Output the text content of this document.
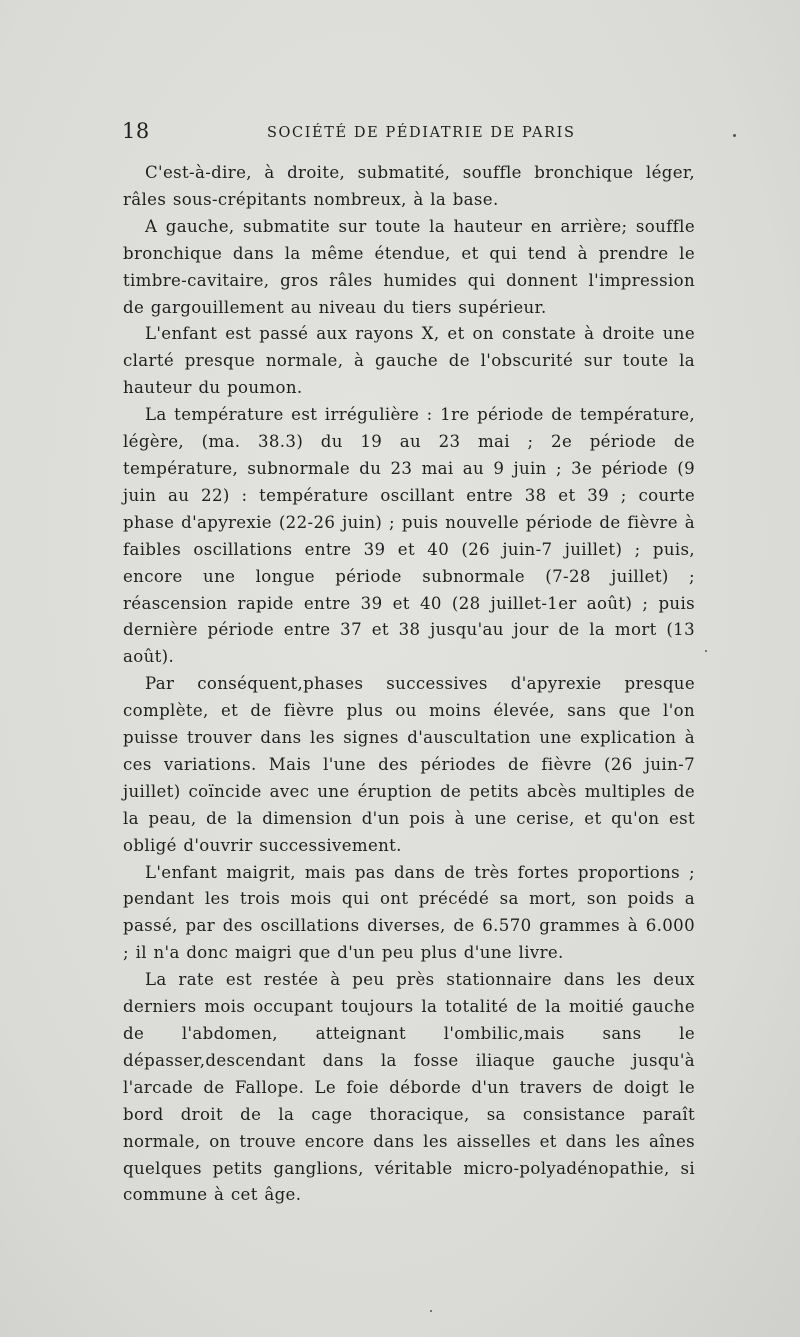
18	SOCIÉTÉ DE PÉDIATRIE DE PARIS

C'est-à-dire, à droite, submatité, souffle bronchique léger, râles sous-crépitants nombreux, à la base.

A gauche, submatite sur toute la hauteur en arrière; souffle bronchique dans la même étendue, et qui tend à prendre le timbre-cavitaire, gros râles humides qui donnent l'impression de gargouillement au niveau du tiers supérieur.

L'enfant est passé aux rayons X, et on constate à droite une clarté presque normale, à gauche de l'obscurité sur toute la hauteur du poumon.

La température est irrégulière : 1re période de température, légère, (ma. 38.3) du 19 au 23 mai ; 2e période de température, subnormale du 23 mai au 9 juin ; 3e période (9 juin au 22) : température oscillant entre 38 et 39 ; courte phase d'apyrexie (22-26 juin) ; puis nouvelle période de fièvre à faibles oscillations entre 39 et 40 (26 juin-7 juillet) ; puis, encore une longue période subnormale (7-28 juillet) ; réascension rapide entre 39 et 40 (28 juillet-1er août) ; puis dernière période entre 37 et 38 jusqu'au jour de la mort (13 août).

Par conséquent,phases successives d'apyrexie presque complète, et de fièvre plus ou moins élevée, sans que l'on puisse trouver dans les signes d'auscultation une explication à ces variations. Mais l'une des périodes de fièvre (26 juin-7 juillet) coïncide avec une éruption de petits abcès multiples de la peau, de la dimension d'un pois à une cerise, et qu'on est obligé d'ouvrir successivement.

L'enfant maigrit, mais pas dans de très fortes proportions ; pendant les trois mois qui ont précédé sa mort, son poids a passé, par des oscillations diverses, de 6.570 grammes à 6.000 ; il n'a donc maigri que d'un peu plus d'une livre.

La rate est restée à peu près stationnaire dans les deux derniers mois occupant toujours la totalité de la moitié gauche de l'abdomen, atteignant l'ombilic,mais sans le dépasser,descendant dans la fosse iliaque gauche jusqu'à l'arcade de Fallope. Le foie déborde d'un travers de doigt le bord droit de la cage thoracique, sa consistance paraît normale, on trouve encore dans les aisselles et dans les aînes quelques petits ganglions, véritable micro-polyadénopathie, si commune à cet âge.
